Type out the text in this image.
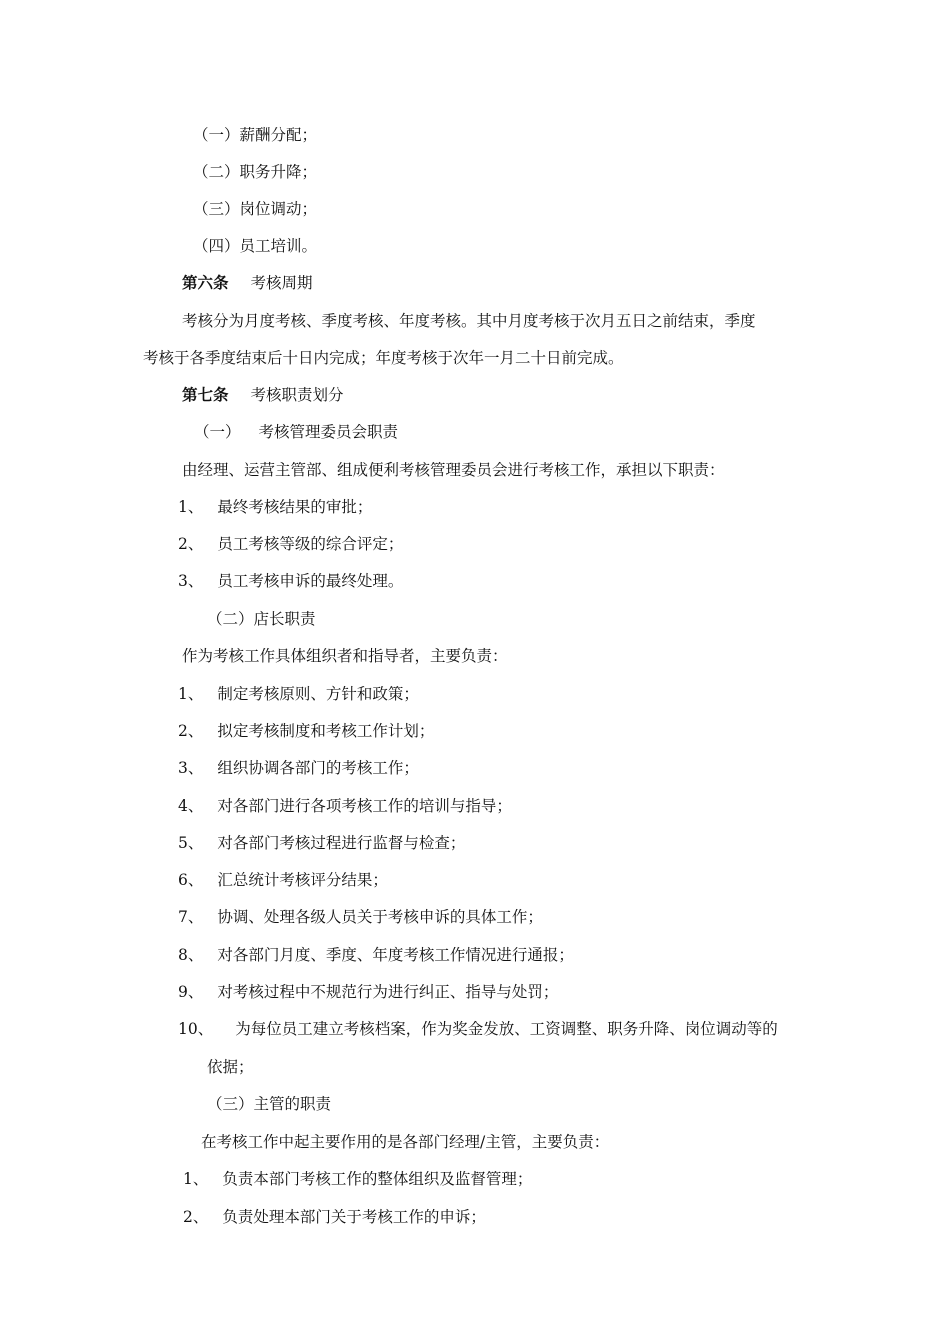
（一）薪酬分配；
（二）职务升降；
（三）岗位调动；
（四）员工培训。
第六条 考核周期
考核分为月度考核、季度考核、年度考核。其中月度考核于次月五日之前结束，季度
考核于各季度结束后十日内完成；年度考核于次年一月二十日前完成。
第七条 考核职责划分
（一） 考核管理委员会职责
由经理、运营主管部、组成便利考核管理委员会进行考核工作，承担以下职责：
1、 最终考核结果的审批；
2、 员工考核等级的综合评定；
3、 员工考核申诉的最终处理。
（二）店长职责
作为考核工作具体组织者和指导者，主要负责：
1、 制定考核原则、方针和政策；
2、 拟定考核制度和考核工作计划；
3、 组织协调各部门的考核工作；
4、 对各部门进行各项考核工作的培训与指导；
5、 对各部门考核过程进行监督与检查；
6、 汇总统计考核评分结果；
7、 协调、处理各级人员关于考核申诉的具体工作；
8、 对各部门月度、季度、年度考核工作情况进行通报；
9、 对考核过程中不规范行为进行纠正、指导与处罚；
10、 为每位员工建立考核档案，作为奖金发放、工资调整、职务升降、岗位调动等的
依据；
（三）主管的职责
在考核工作中起主要作用的是各部门经理/主管，主要负责：
1、 负责本部门考核工作的整体组织及监督管理；
2、 负责处理本部门关于考核工作的申诉；
